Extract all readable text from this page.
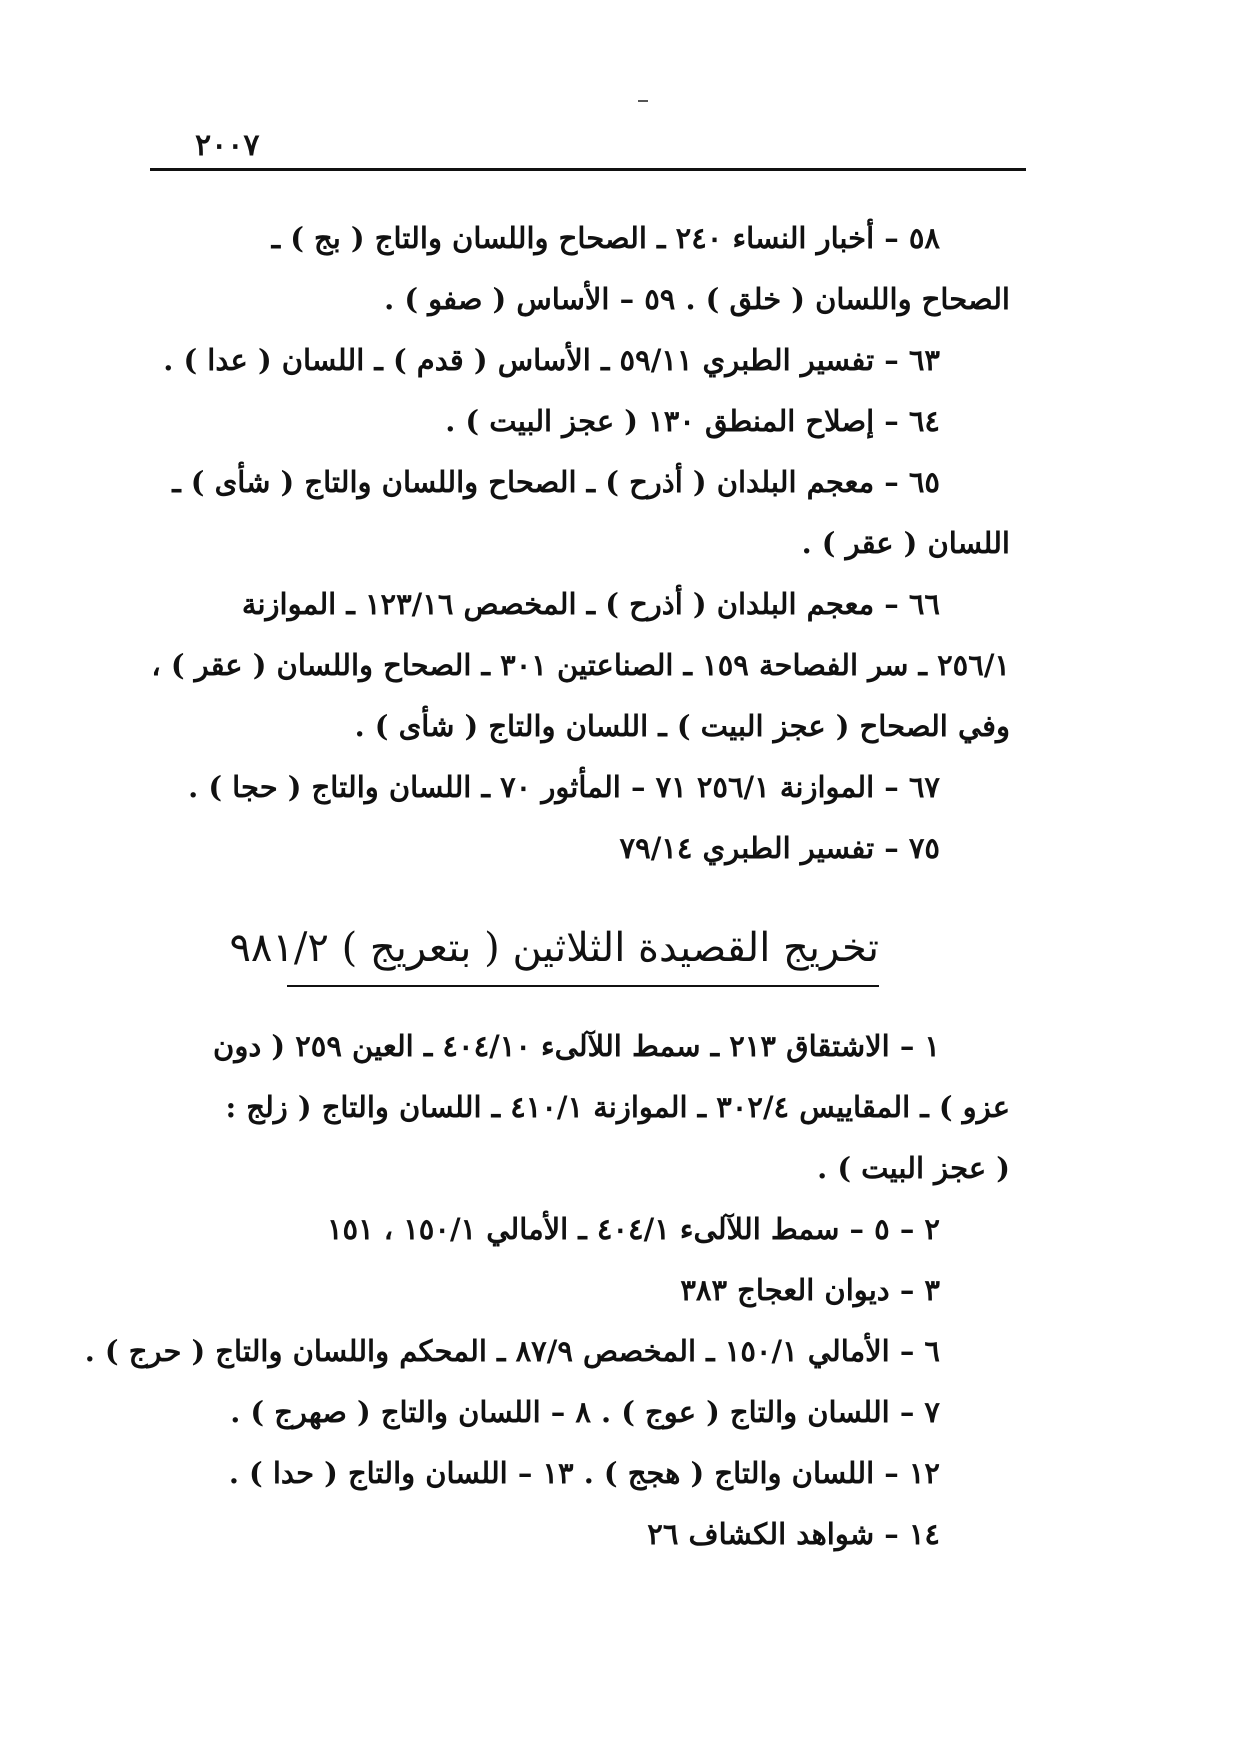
٢٠٠٧
٥٨ – أخبار النساء ٢٤٠ ـ الصحاح واللسان والتاج ( بج ) ـ
الصحاح واللسان ( خلق ) . ٥٩ – الأساس ( صفو ) .
٦٣ – تفسير الطبري ٥٩/١١ ـ الأساس ( قدم ) ـ اللسان ( عدا ) .
٦٤ – إصلاح المنطق ١٣٠ ( عجز البيت ) .
٦٥ – معجم البلدان ( أذرح ) ـ الصحاح واللسان والتاج ( شأى ) ـ
اللسان ( عقر ) .
٦٦ – معجم البلدان ( أذرح ) ـ المخصص ١٢٣/١٦ ـ الموازنة
٢٥٦/١ ـ سر الفصاحة ١٥٩ ـ الصناعتين ٣٠١ ـ الصحاح واللسان ( عقر ) ،
وفي الصحاح ( عجز البيت ) ـ اللسان والتاج ( شأى ) .
٦٧ – الموازنة ٢٥٦/١ ٧١ – المأثور ٧٠ ـ اللسان والتاج ( حجا ) .
٧٥ – تفسير الطبري ٧٩/١٤
تخريج القصيدة الثلاثين ( بتعريج ) ٩٨١/٢
١ – الاشتقاق ٢١٣ ـ سمط اللآلىء ٤٠٤/١٠ ـ العين ٢٥٩ ( دون
عزو ) ـ المقاييس ٣٠٢/٤ ـ الموازنة ٤١٠/١ ـ اللسان والتاج ( زلج :
( عجز البيت ) .
٢ – ٥ – سمط اللآلىء ٤٠٤/١ ـ الأمالي ١٥٠/١ ، ١٥١
٣ – ديوان العجاج ٣٨٣
٦ – الأمالي ١٥٠/١ ـ المخصص ٨٧/٩ ـ المحكم واللسان والتاج ( حرج ) .
٧ – اللسان والتاج ( عوج ) . ٨ – اللسان والتاج ( صهرج ) .
١٢ – اللسان والتاج ( هجج ) . ١٣ – اللسان والتاج ( حدا ) .
١٤ – شواهد الكشاف ٢٦
